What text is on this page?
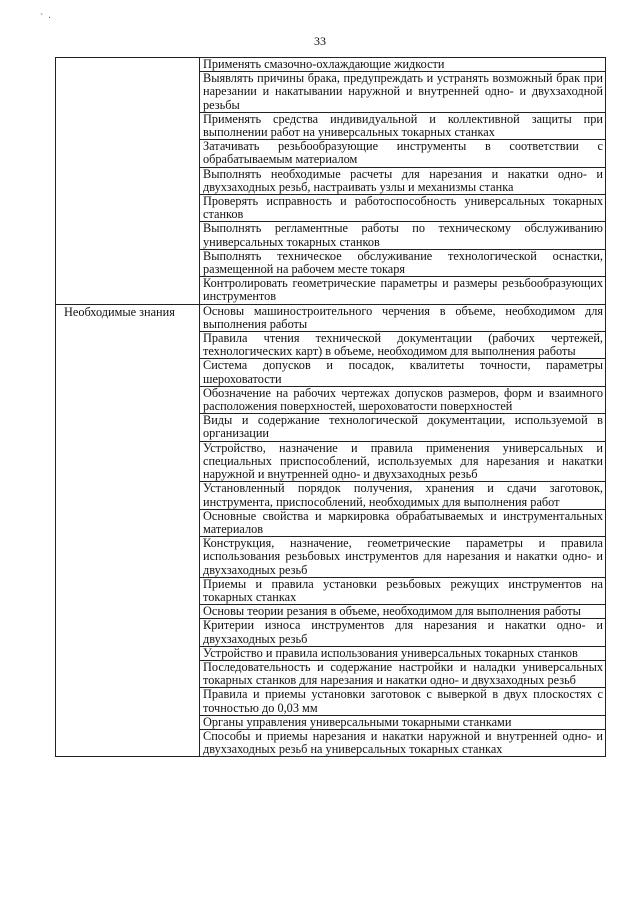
` ·
33
	Применять смазочно-охлаждающие жидкости
	Выявлять причины брака, предупреждать и устранять возможный брак при нарезании и накатывании наружной и внутренней одно- и двухзаходной резьбы
	Применять средства индивидуальной и коллективной защиты при выполнении работ на универсальных токарных станках
	Затачивать резьбообразующие инструменты в соответствии с обрабатываемым материалом
	Выполнять необходимые расчеты для нарезания и накатки одно- и двухзаходных резьб, настраивать узлы и механизмы станка
	Проверять исправность и работоспособность универсальных токарных станков
	Выполнять регламентные работы по техническому обслуживанию универсальных токарных станков
	Выполнять техническое обслуживание технологической оснастки, размещенной на рабочем месте токаря
	Контролировать геометрические параметры и размеры резьбообразующих инструментов

Необходимые знания	Основы машиностроительного черчения в объеме, необходимом для выполнения работы
	Правила чтения технической документации (рабочих чертежей, технологических карт) в объеме, необходимом для выполнения работы
	Система допусков и посадок, квалитеты точности, параметры шероховатости
	Обозначение на рабочих чертежах допусков размеров, форм и взаимного расположения поверхностей, шероховатости поверхностей
	Виды и содержание технологической документации, используемой в организации
	Устройство, назначение и правила применения универсальных и специальных приспособлений, используемых для нарезания и накатки наружной и внутренней одно- и двухзаходных резьб
	Установленный порядок получения, хранения и сдачи заготовок, инструмента, приспособлений, необходимых для выполнения работ
	Основные свойства и маркировка обрабатываемых и инструментальных материалов
	Конструкция, назначение, геометрические параметры и правила использования резьбовых инструментов для нарезания и накатки одно- и двухзаходных резьб
	Приемы и правила установки резьбовых режущих инструментов на токарных станках
	Основы теории резания в объеме, необходимом для выполнения работы
	Критерии износа инструментов для нарезания и накатки одно- и двухзаходных резьб
	Устройство и правила использования универсальных токарных станков
	Последовательность и содержание настройки и наладки универсальных токарных станков для нарезания и накатки одно- и двухзаходных резьб
	Правила и приемы установки заготовок с выверкой в двух плоскостях с точностью до 0,03 мм
	Органы управления универсальными токарными станками
	Способы и приемы нарезания и накатки наружной и внутренней одно- и двухзаходных резьб на универсальных токарных станках
